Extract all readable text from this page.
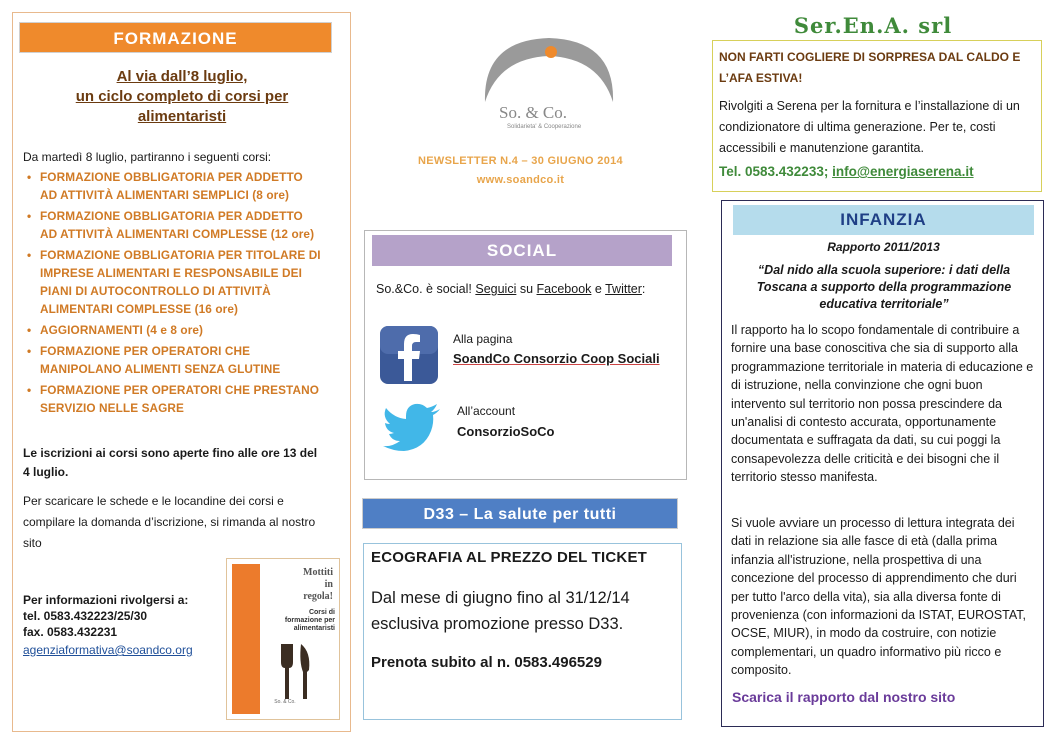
FORMAZIONE
Al via dall’8 luglio,
un ciclo completo di corsi per
alimentaristi
Da martedì 8 luglio, partiranno i seguenti corsi:
• FORMAZIONE OBBLIGATORIA PER ADDETTO
AD ATTIVITÀ ALIMENTARI SEMPLICI (8 ore)
• FORMAZIONE OBBLIGATORIA PER ADDETTO
AD ATTIVITÀ ALIMENTARI COMPLESSE (12 ore)
• FORMAZIONE OBBLIGATORIA PER TITOLARE DI
IMPRESE ALIMENTARI E RESPONSABILE DEI
PIANI DI AUTOCONTROLLO DI ATTIVITÀ
ALIMENTARI COMPLESSE (16 ore)
• AGGIORNAMENTI (4 e 8 ore)
• FORMAZIONE PER OPERATORI CHE
MANIPOLANO ALIMENTI SENZA GLUTINE
• FORMAZIONE PER OPERATORI CHE PRESTANO
SERVIZIO NELLE SAGRE
Le iscrizioni ai corsi sono aperte fino alle ore 13 del 4 luglio.
Per scaricare le schede e le locandine dei corsi e compilare la domanda d’iscrizione, si rimanda al nostro sito
Per informazioni rivolgersi a:
tel. 0583.432223/25/30
fax. 0583.432231
agenziaformativa@soandco.org
Mottiti
in
regola!
Corsi di
formazione per
alimentaristi
So. & Co.
So. & Co.
Solidarieta' & Cooperazione
NEWSLETTER N.4 – 30 GIUGNO 2014
www.soandco.it
SOCIAL
So.&Co. è social! Seguici su Facebook e Twitter:
Alla pagina
SoandCo Consorzio Coop Sociali
All’account
ConsorzioSoCo
D33 – La salute per tutti
ECOGRAFIA AL PREZZO DEL TICKET
Dal mese di giugno fino al 31/12/14 esclusiva promozione presso D33.
Prenota subito al n. 0583.496529
Ser.En.A. srl
NON FARTI COGLIERE DI SORPRESA DAL CALDO E L’AFA ESTIVA!
Rivolgiti a Serena per la fornitura e l’installazione di un condizionatore di ultima generazione. Per te, costi accessibili e manutenzione garantita.
Tel. 0583.432233; info@energiaserena.it
INFANZIA
Rapporto 2011/2013
“Dal nido alla scuola superiore: i dati della Toscana a supporto della programmazione educativa territoriale”
Il rapporto ha lo scopo fondamentale di contribuire a fornire una base conoscitiva che sia di supporto alla programmazione territoriale in materia di educazione e di istruzione, nella convinzione che ogni buon intervento sul territorio non possa prescindere da un'analisi di contesto accurata, opportunamente documentata e suffragata da dati, su cui poggi la consapevolezza delle criticità e dei bisogni che il territorio stesso manifesta.
Si vuole avviare un processo di lettura integrata dei dati in relazione sia alle fasce di età (dalla prima infanzia all'istruzione, nella prospettiva di una concezione del processo di apprendimento che duri per tutto l'arco della vita), sia alla diversa fonte di provenienza (con informazioni da ISTAT, EUROSTAT, OCSE, MIUR), in modo da costruire, con notizie complementari, un quadro informativo più ricco e composito.
Scarica il rapporto dal nostro sito
